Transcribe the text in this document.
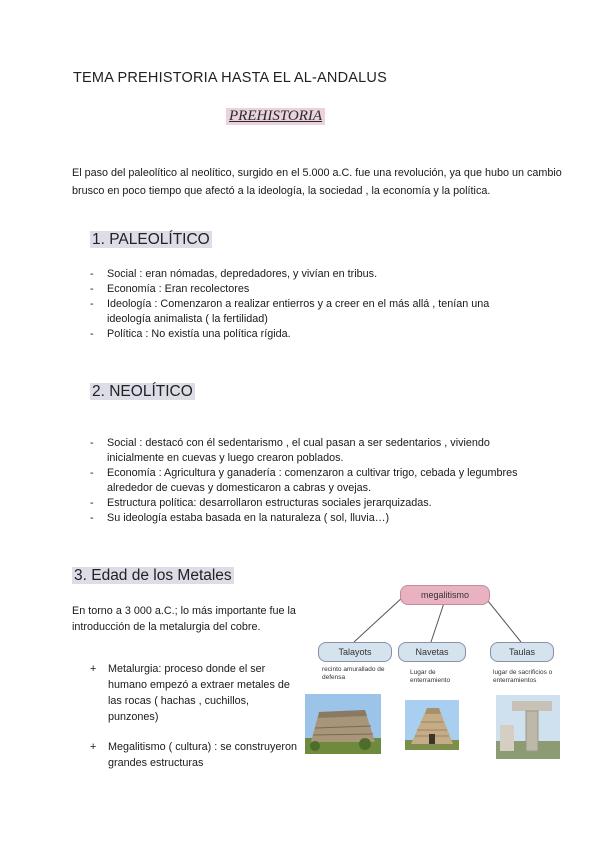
TEMA PREHISTORIA HASTA EL AL-ANDALUS
PREHISTORIA
El paso del paleolítico al neolítico, surgido en el 5.000 a.C. fue una revolución, ya que hubo un cambio brusco en poco tiempo que afectó a la ideología, la sociedad , la economía y la política.
1. PALEOLÍTICO
- Social : eran nómadas, depredadores, y vivían en tribus.
- Economía : Eran recolectores
- Ideología : Comenzaron a realizar entierros y a creer en el más allá , tenían una ideología animalista ( la fertilidad)
- Política : No existía una política rígida.
2. NEOLÍTICO
- Social : destacó con él sedentarismo , el cual pasan a ser sedentarios , viviendo inicialmente en cuevas y luego crearon poblados.
- Economía : Agricultura y ganadería : comenzaron a cultivar trigo, cebada y legumbres alrededor de cuevas y domesticaron a cabras y ovejas.
- Estructura política: desarrollaron estructuras sociales jerarquizadas.
- Su ideología estaba basada en la naturaleza ( sol, lluvia…)
3. Edad de los Metales
En torno a 3 000 a.C.; lo más importante fue la introducción de la metalurgia del cobre.
+ Metalurgia: proceso donde el ser humano empezó a extraer metales de las rocas ( hachas , cuchillos, punzones)
+ Megalitismo ( cultura) : se construyeron grandes estructuras
megalitismo
Talayots	Navetas	Taulas
recinto amurallado de defensa
Lugar de enterramiento
lugar de sacrificios o enterramientos
